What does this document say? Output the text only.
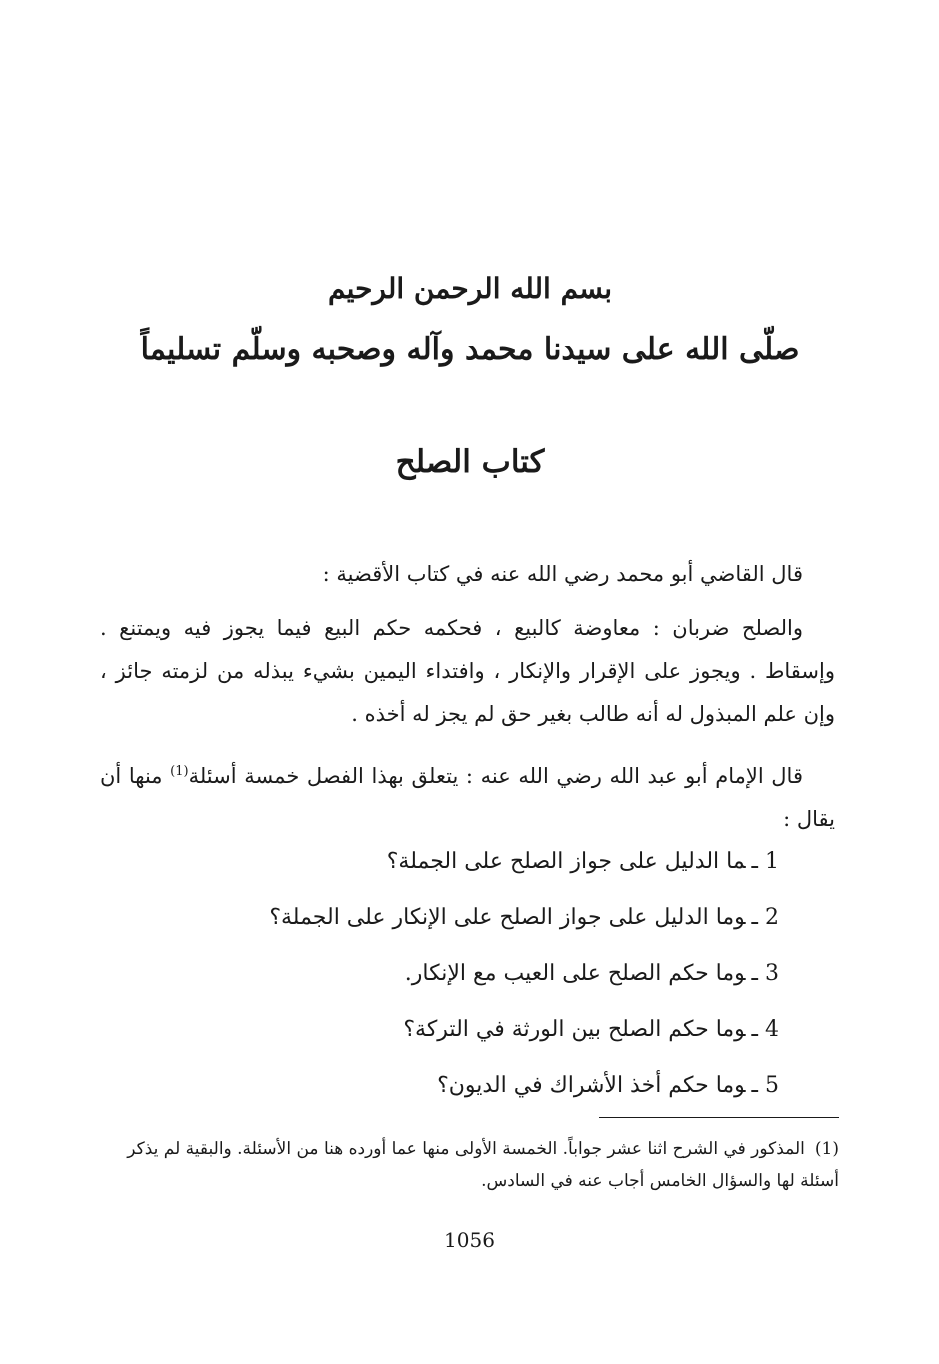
بسم الله الرحمن الرحيم
صلّى الله على سيدنا محمد وآله وصحبه وسلّم تسليماً
كتاب الصلح

قال القاضي أبو محمد رضي الله عنه في كتاب الأقضية :

والصلح ضربان : معاوضة كالبيع ، فحكمه حكم البيع فيما يجوز فيه ويمتنع . وإسقاط . ويجوز على الإقرار والإنكار ، وافتداء اليمين بشيء يبذله من لزمته جائز ، وإن علم المبذول له أنه طالب بغير حق لم يجز له أخذه .

قال الإمام أبو عبد الله رضي الله عنه : يتعلق بهذا الفصل خمسة أسئلة$^{(1)}$ منها أن يقال :

1 ـما الدليل على جواز الصلح على الجملة؟
2 ـوما الدليل على جواز الصلح على الإنكار على الجملة؟
3 ـوما حكم الصلح على العيب مع الإنكار.
4 ـوما حكم الصلح بين الورثة في التركة؟
5 ـوما حكم أخذ الأشراك في الديون؟
(1)المذكور في الشرح اثنا عشر جواباً. الخمسة الأولى منها عما أورده هنا من الأسئلة. والبقية لم يذكر أسئلة لها والسؤال الخامس أجاب عنه في السادس.
1056
